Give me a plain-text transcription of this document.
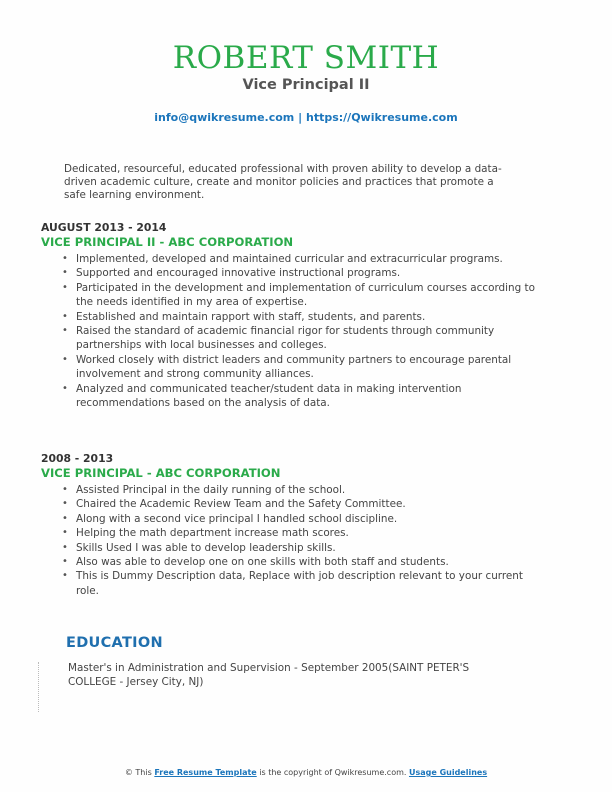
ROBERT SMITH
Vice Principal II
info@qwikresume.com | https://Qwikresume.com
Dedicated, resourceful, educated professional with proven ability to develop a data-driven academic culture, create and monitor policies and practices that promote a safe learning environment.
AUGUST 2013 - 2014
VICE PRINCIPAL II - ABC CORPORATION
• Implemented, developed and maintained curricular and extracurricular programs.
• Supported and encouraged innovative instructional programs.
• Participated in the development and implementation of curriculum courses according to the needs identified in my area of expertise.
• Established and maintain rapport with staff, students, and parents.
• Raised the standard of academic financial rigor for students through community partnerships with local businesses and colleges.
• Worked closely with district leaders and community partners to encourage parental involvement and strong community alliances.
• Analyzed and communicated teacher/student data in making intervention recommendations based on the analysis of data.
2008 - 2013
VICE PRINCIPAL - ABC CORPORATION
• Assisted Principal in the daily running of the school.
• Chaired the Academic Review Team and the Safety Committee.
• Along with a second vice principal I handled school discipline.
• Helping the math department increase math scores.
• Skills Used I was able to develop leadership skills.
• Also was able to develop one on one skills with both staff and students.
• This is Dummy Description data, Replace with job description relevant to your current role.
EDUCATION
Master's in Administration and Supervision - September 2005(SAINT PETER'S COLLEGE - Jersey City, NJ)
© This Free Resume Template is the copyright of Qwikresume.com. Usage Guidelines
